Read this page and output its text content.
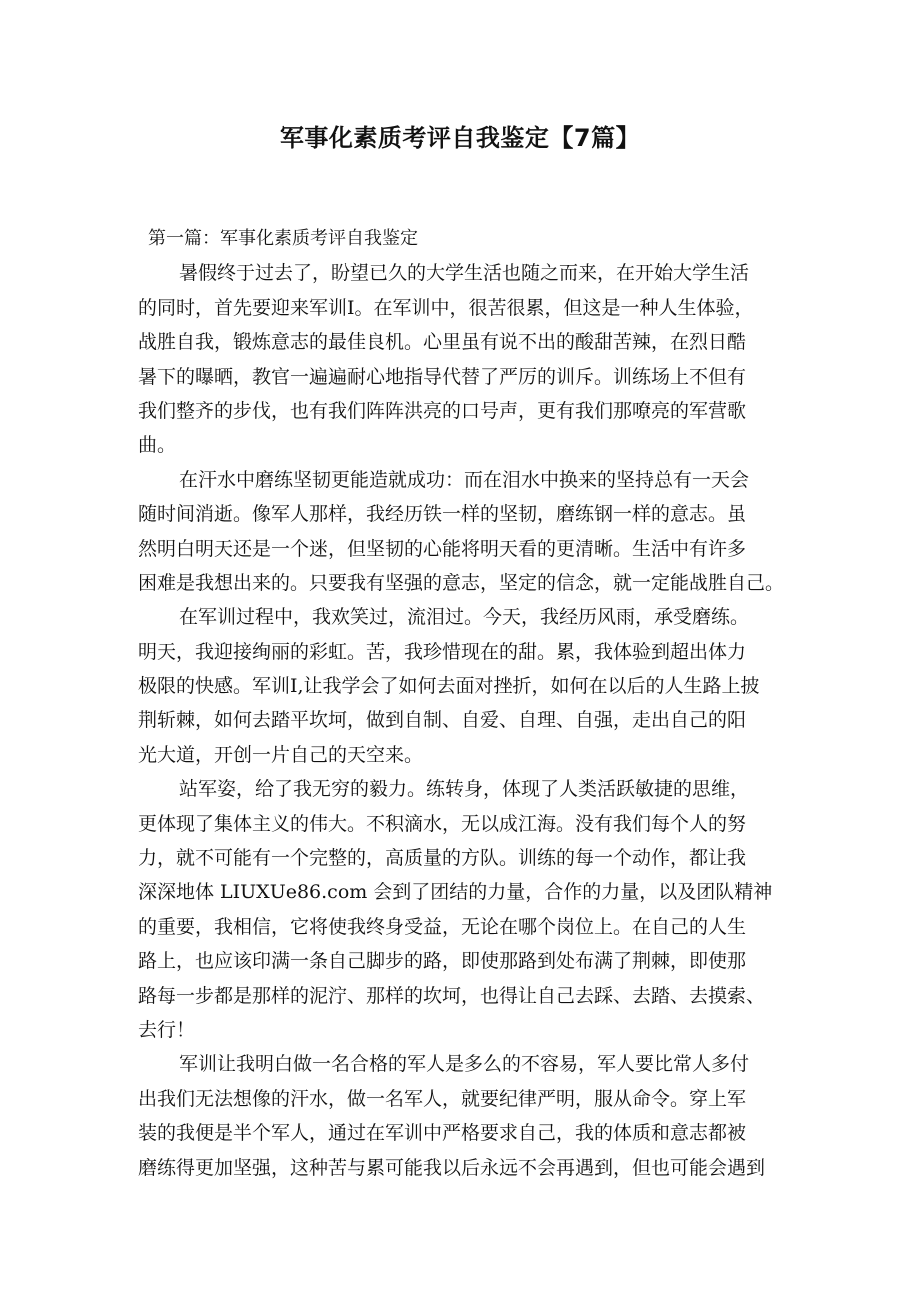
军事化素质考评自我鉴定【7篇】
第一篇：军事化素质考评自我鉴定
暑假终于过去了，盼望已久的大学生活也随之而来，在开始大学生活
的同时，首先要迎来军训I。在军训中，很苦很累，但这是一种人生体验，
战胜自我，锻炼意志的最佳良机。心里虽有说不出的酸甜苦辣，在烈日酷
暑下的曝晒，教官一遍遍耐心地指导代替了严厉的训斥。训练场上不但有
我们整齐的步伐，也有我们阵阵洪亮的口号声，更有我们那嘹亮的军营歌
曲。
在汗水中磨练坚韧更能造就成功：而在泪水中换来的坚持总有一天会
随时间消逝。像军人那样，我经历铁一样的坚韧，磨练钢一样的意志。虽
然明白明天还是一个迷，但坚韧的心能将明天看的更清晰。生活中有许多
困难是我想出来的。只要我有坚强的意志，坚定的信念，就一定能战胜自己。
在军训过程中，我欢笑过，流泪过。今天，我经历风雨，承受磨练。
明天，我迎接绚丽的彩虹。苦，我珍惜现在的甜。累，我体验到超出体力
极限的快感。军训I,让我学会了如何去面对挫折，如何在以后的人生路上披
荆斩棘，如何去踏平坎坷，做到自制、自爱、自理、自强，走出自己的阳
光大道，开创一片自己的天空来。
站军姿，给了我无穷的毅力。练转身，体现了人类活跃敏捷的思维，
更体现了集体主义的伟大。不积滴水，无以成江海。没有我们每个人的努
力，就不可能有一个完整的，高质量的方队。训练的每一个动作，都让我
深深地体 LIUXUe86.com 会到了团结的力量，合作的力量，以及团队精神
的重要，我相信，它将使我终身受益，无论在哪个岗位上。在自己的人生
路上，也应该印满一条自己脚步的路，即使那路到处布满了荆棘，即使那
路每一步都是那样的泥泞、那样的坎坷，也得让自己去踩、去踏、去摸索、
去行！
军训让我明白做一名合格的军人是多么的不容易，军人要比常人多付
出我们无法想像的汗水，做一名军人，就要纪律严明，服从命令。穿上军
装的我便是半个军人，通过在军训中严格要求自己，我的体质和意志都被
磨练得更加坚强，这种苦与累可能我以后永远不会再遇到，但也可能会遇到
